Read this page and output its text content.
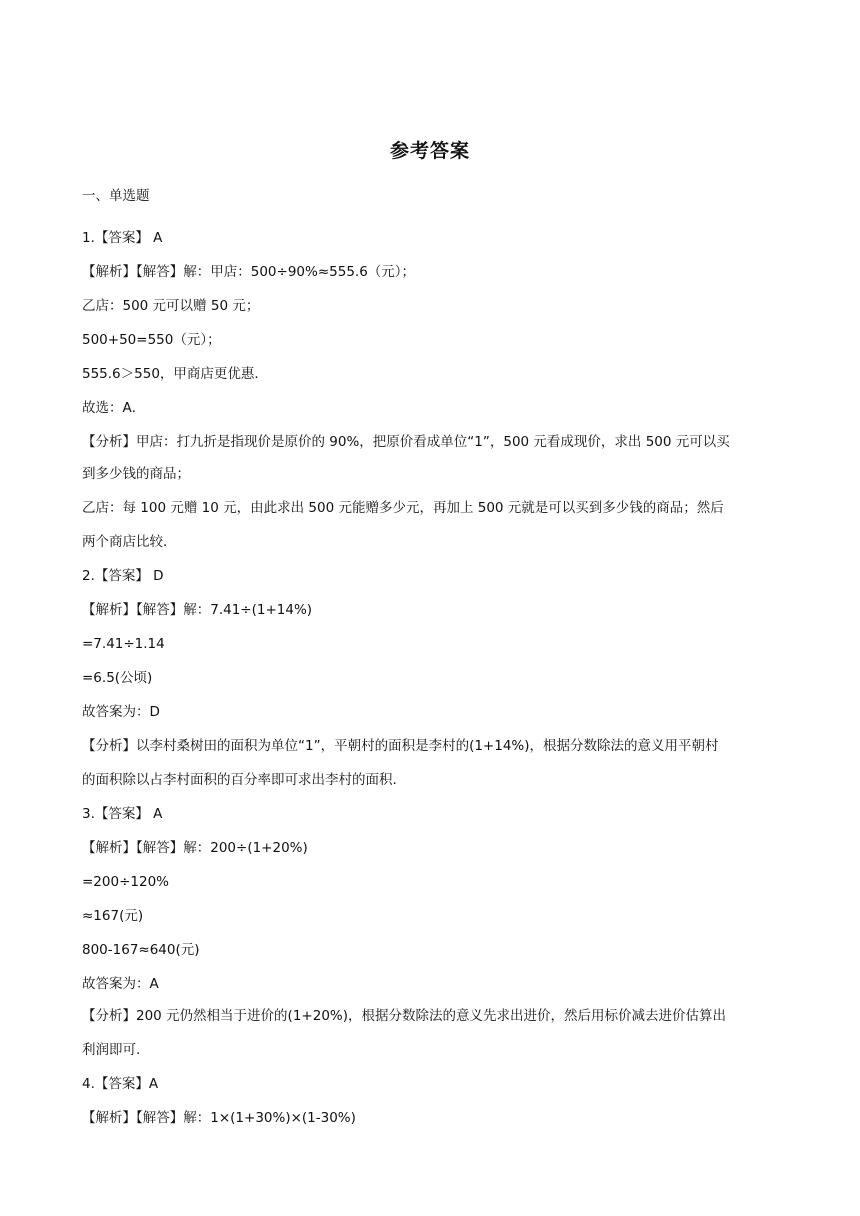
参考答案
一、单选题
1.【答案】 A
【解析】【解答】解：甲店：500÷90%≈555.6（元）；
乙店：500 元可以赠 50 元；
500+50=550（元）；
555.6＞550，甲商店更优惠．
故选：A．
【分析】甲店：打九折是指现价是原价的 90%，把原价看成单位“1”，500 元看成现价，求出 500 元可以买
到多少钱的商品；
乙店：每 100 元赠 10 元，由此求出 500 元能赠多少元，再加上 500 元就是可以买到多少钱的商品；然后
两个商店比较．
2.【答案】 D
【解析】【解答】解：7.41÷(1+14%)
=7.41÷1.14
=6.5(公顷)
故答案为：D
【分析】以李村桑树田的面积为单位“1”，平朝村的面积是李村的(1+14%)，根据分数除法的意义用平朝村
的面积除以占李村面积的百分率即可求出李村的面积.
3.【答案】 A
【解析】【解答】解：200÷(1+20%)
=200÷120%
≈167(元)
800-167≈640(元)
故答案为：A
【分析】200 元仍然相当于进价的(1+20%)，根据分数除法的意义先求出进价，然后用标价减去进价估算出
利润即可.
4.【答案】A
【解析】【解答】解：1×(1+30%)×(1-30%)
